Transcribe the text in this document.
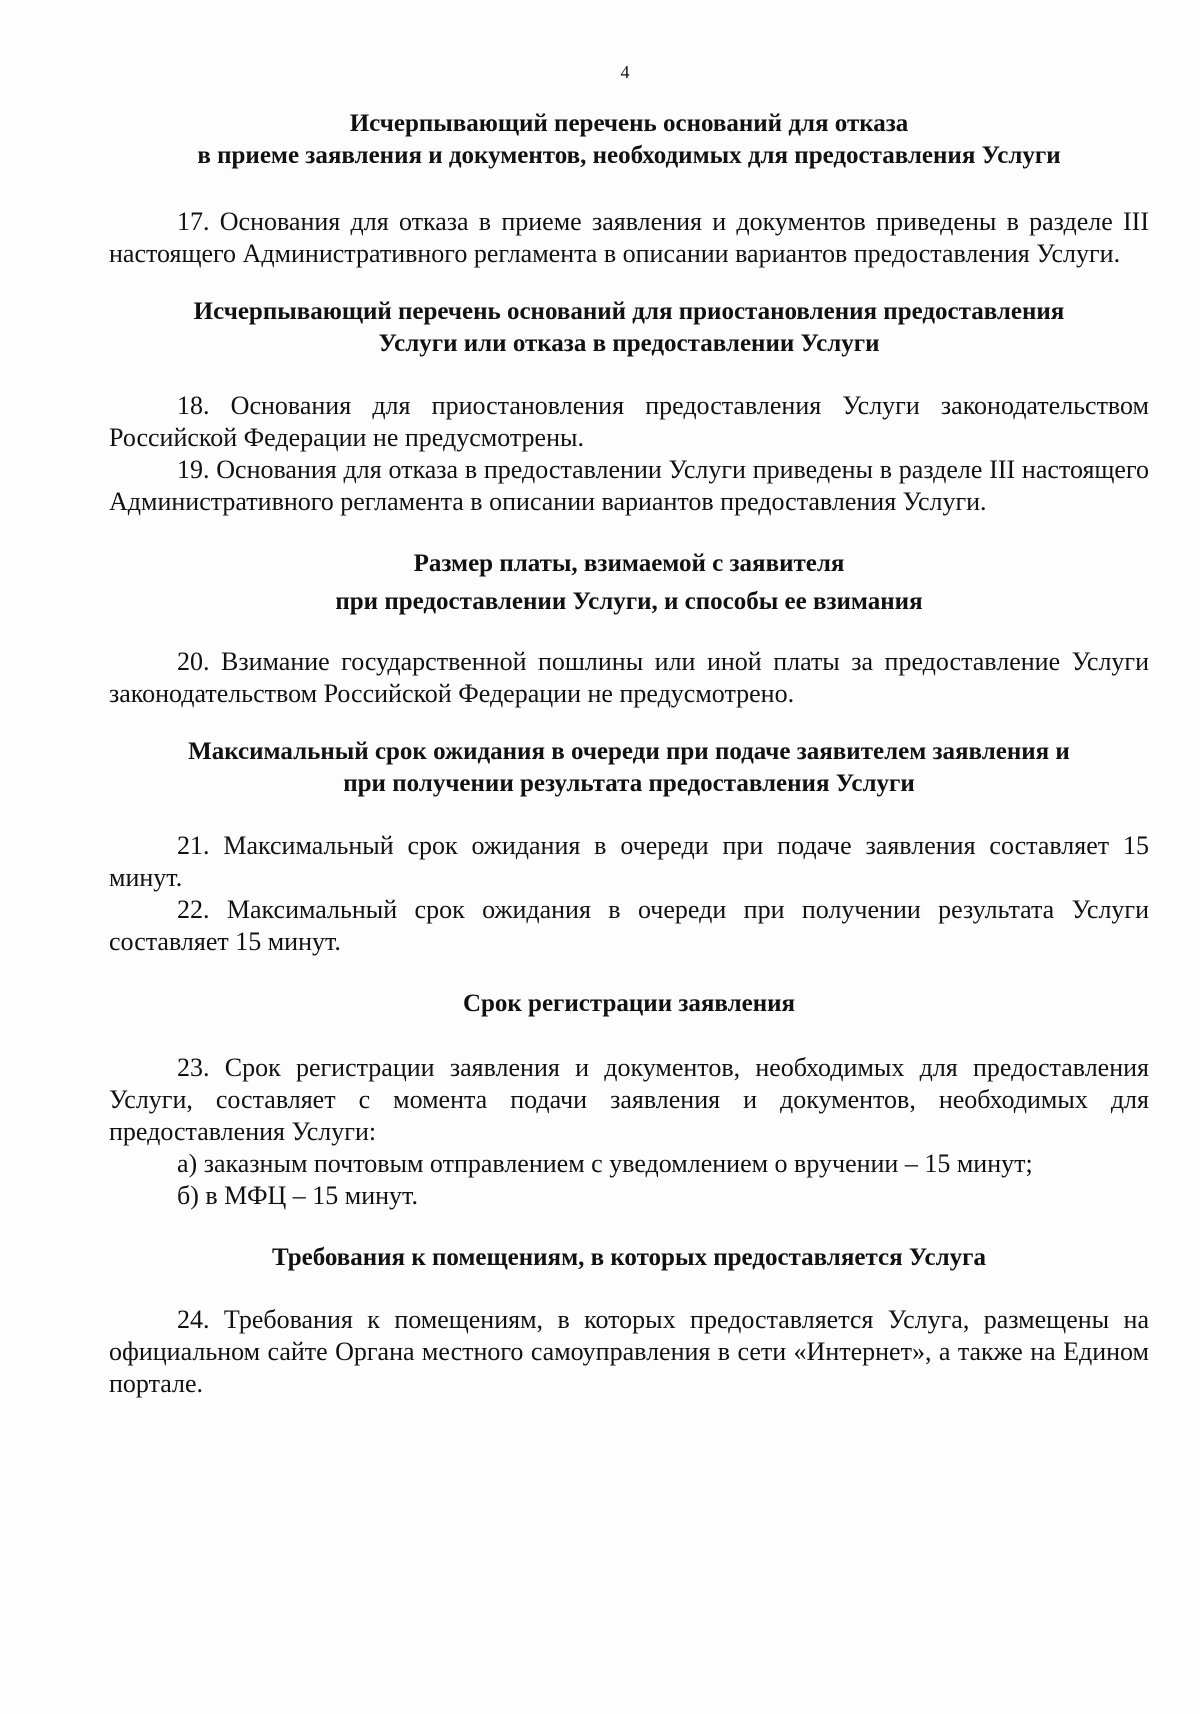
4
Исчерпывающий перечень оснований для отказа
в приеме заявления и документов, необходимых для предоставления Услуги

17. Основания для отказа в приеме заявления и документов приведены в разделе III настоящего Административного регламента в описании вариантов предоставления Услуги.

Исчерпывающий перечень оснований для приостановления предоставления
Услуги или отказа в предоставлении Услуги

18. Основания для приостановления предоставления Услуги законодательством Российской Федерации не предусмотрены.

19. Основания для отказа в предоставлении Услуги приведены в разделе III настоящего Административного регламента в описании вариантов предоставления Услуги.

Размер платы, взимаемой с заявителя
при предоставлении Услуги, и способы ее взимания

20. Взимание государственной пошлины или иной платы за предоставление Услуги законодательством Российской Федерации не предусмотрено.

Максимальный срок ожидания в очереди при подаче заявителем заявления и
при получении результата предоставления Услуги

21. Максимальный срок ожидания в очереди при подаче заявления составляет 15 минут.

22. Максимальный срок ожидания в очереди при получении результата Услуги составляет 15 минут.

Срок регистрации заявления

23. Срок регистрации заявления и документов, необходимых для предоставления Услуги, составляет с момента подачи заявления и документов, необходимых для предоставления Услуги:

а) заказным почтовым отправлением с уведомлением о вручении – 15 минут;

б) в МФЦ – 15 минут.

Требования к помещениям, в которых предоставляется Услуга

24. Требования к помещениям, в которых предоставляется Услуга, размещены на официальном сайте Органа местного самоуправления в сети «Интернет», а также на Едином портале.
